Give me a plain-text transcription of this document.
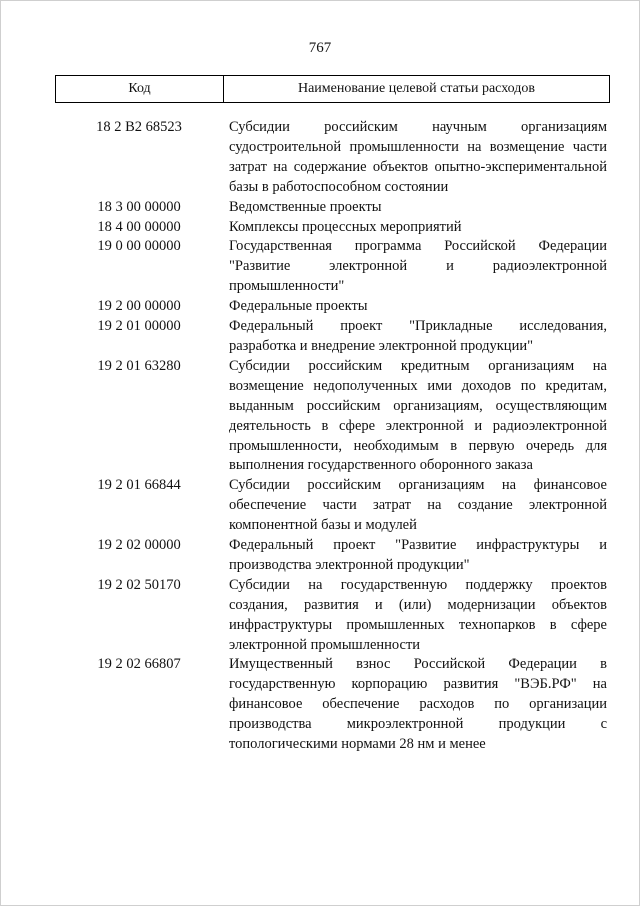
767
Код	Наименование целевой статьи расходов
18 2 В2 68523	Субсидии российским научным организациям судостроительной промышленности на возмещение части затрат на содержание объектов опытно-экспериментальной базы в работоспособном состоянии
18 3 00 00000	Ведомственные проекты
18 4 00 00000	Комплексы процессных мероприятий
19 0 00 00000	Государственная программа Российской Федерации "Развитие электронной и радиоэлектронной промышленности"
19 2 00 00000	Федеральные проекты
19 2 01 00000	Федеральный проект "Прикладные исследования, разработка и внедрение электронной продукции"
19 2 01 63280	Субсидии российским кредитным организациям на возмещение недополученных ими доходов по кредитам, выданным российским организациям, осуществляющим деятельность в сфере электронной и радиоэлектронной промышленности, необходимым в первую очередь для выполнения государственного оборонного заказа
19 2 01 66844	Субсидии российским организациям на финансовое обеспечение части затрат на создание электронной компонентной базы и модулей
19 2 02 00000	Федеральный проект "Развитие инфраструктуры и производства электронной продукции"
19 2 02 50170	Субсидии на государственную поддержку проектов создания, развития и (или) модернизации объектов инфраструктуры промышленных технопарков в сфере электронной промышленности
19 2 02 66807	Имущественный взнос Российской Федерации в государственную корпорацию развития "ВЭБ.РФ" на финансовое обеспечение расходов по организации производства микроэлектронной продукции с топологическими нормами 28 нм и менее
